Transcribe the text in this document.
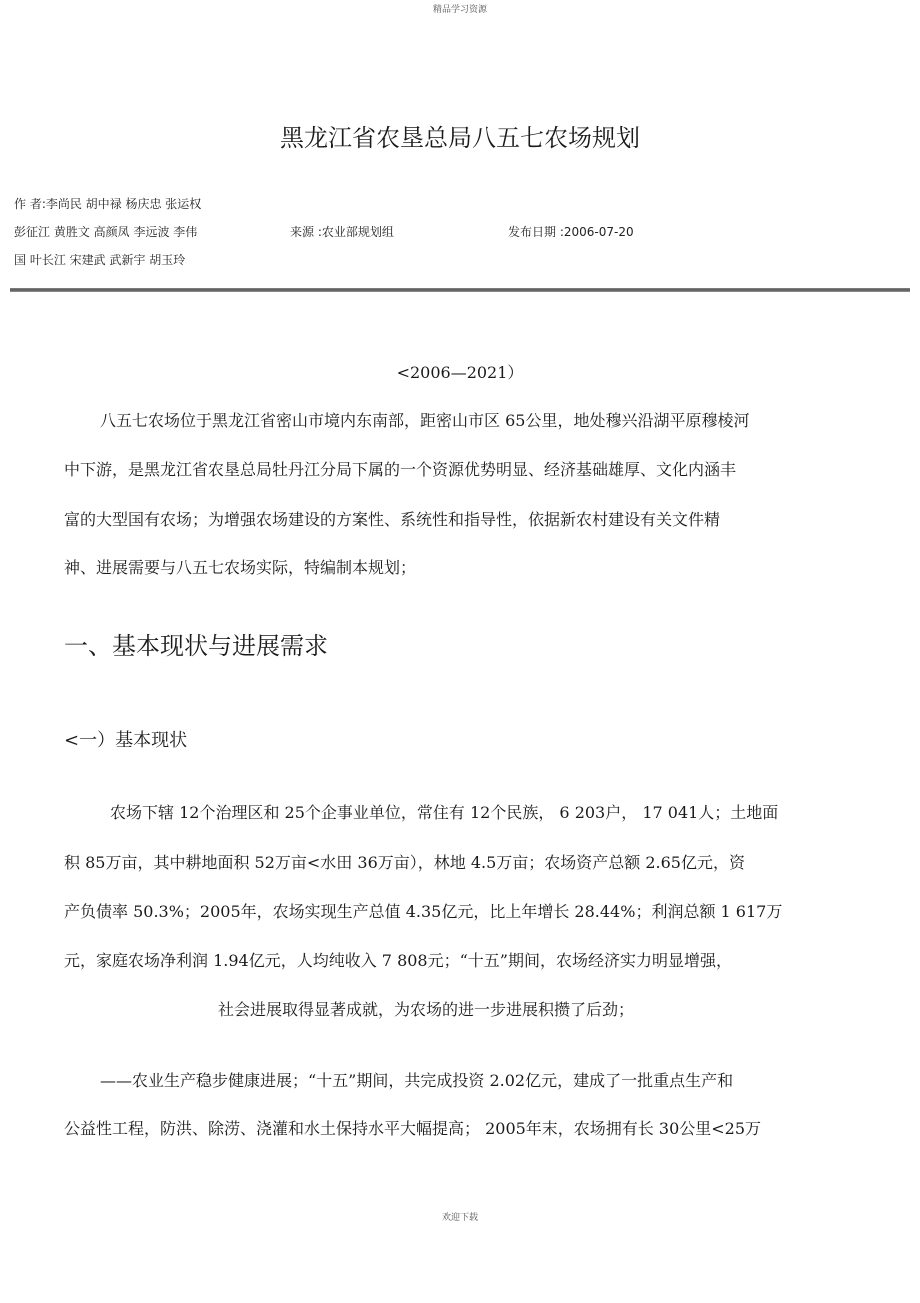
精品学习资源
黑龙江省农垦总局八五七农场规划
作 者:李尚民 胡中禄 杨庆忠 张运权
彭征江 黄胜文 高颜凤 李远波 李伟	来源 :农业部规划组	发布日期 :2006-07-20
国 叶长江 宋建武 武新宇 胡玉玲
<2006—2021）
八五七农场位于黑龙江省密山市境内东南部，距密山市区 65公里，地处穆兴沿湖平原穆棱河
中下游，是黑龙江省农垦总局牡丹江分局下属的一个资源优势明显、经济基础雄厚、文化内涵丰
富的大型国有农场；为增强农场建设的方案性、系统性和指导性，依据新农村建设有关文件精
神、进展需要与八五七农场实际，特编制本规划；
一、基本现状与进展需求
<一）基本现状
农场下辖 12个治理区和 25个企事业单位，常住有 12个民族， 6 203户， 17 041人；土地面
积 85万亩，其中耕地面积 52万亩<水田 36万亩），林地 4.5万亩；农场资产总额 2.65亿元，资
产负债率 50.3%；2005年，农场实现生产总值 4.35亿元，比上年增长 28.44%；利润总额 1 617万
元，家庭农场净利润 1.94亿元，人均纯收入 7 808元；“十五”期间，农场经济实力明显增强，
社会进展取得显著成就，为农场的进一步进展积攒了后劲；
——农业生产稳步健康进展；“十五”期间，共完成投资 2.02亿元，建成了一批重点生产和
公益性工程，防洪、除涝、浇灌和水土保持水平大幅提高； 2005年末，农场拥有长 30公里<25万
欢迎下载
